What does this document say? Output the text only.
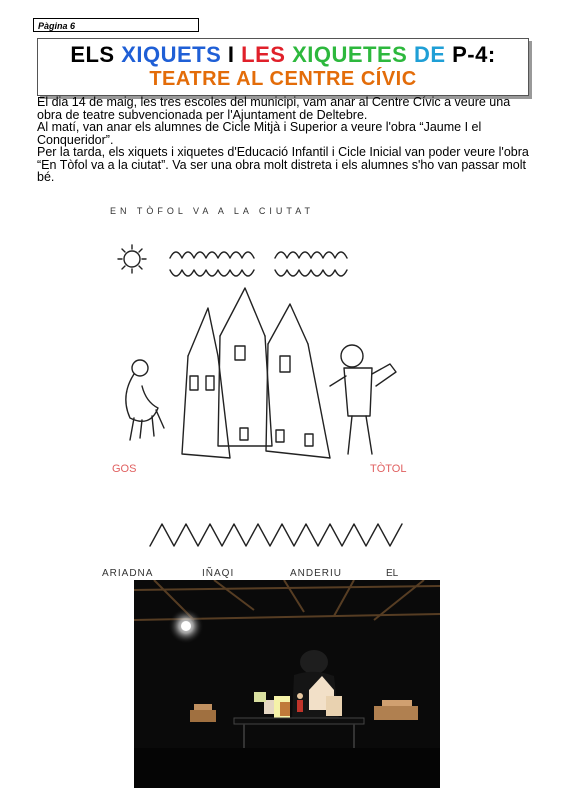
Pàgina 6
ELS XIQUETS I LES XIQUETES DE P-4:
TEATRE AL CENTRE CÍVIC

El dia 14 de maig, les tres escoles del municipi, vam anar al Centre Cívic a veure una obra de teatre subvencionada per l'Ajuntament de Deltebre.

Al matí, van anar els alumnes de Cicle Mitjà i Superior a veure l'obra “Jaume I el Conqueridor”.

Per la tarda, els xiquets i xiquetes d'Educació Infantil i Cicle Inicial van poder veure l'obra “En Tòfol va a la ciutat”. Va ser una obra molt distreta i els alumnes s'ho van passar molt bé.

EN TÒFOL VA A LA CIUTAT
GOS	TÒTOL
ARIADNA	IÑAQI	ANDERIU	EL
